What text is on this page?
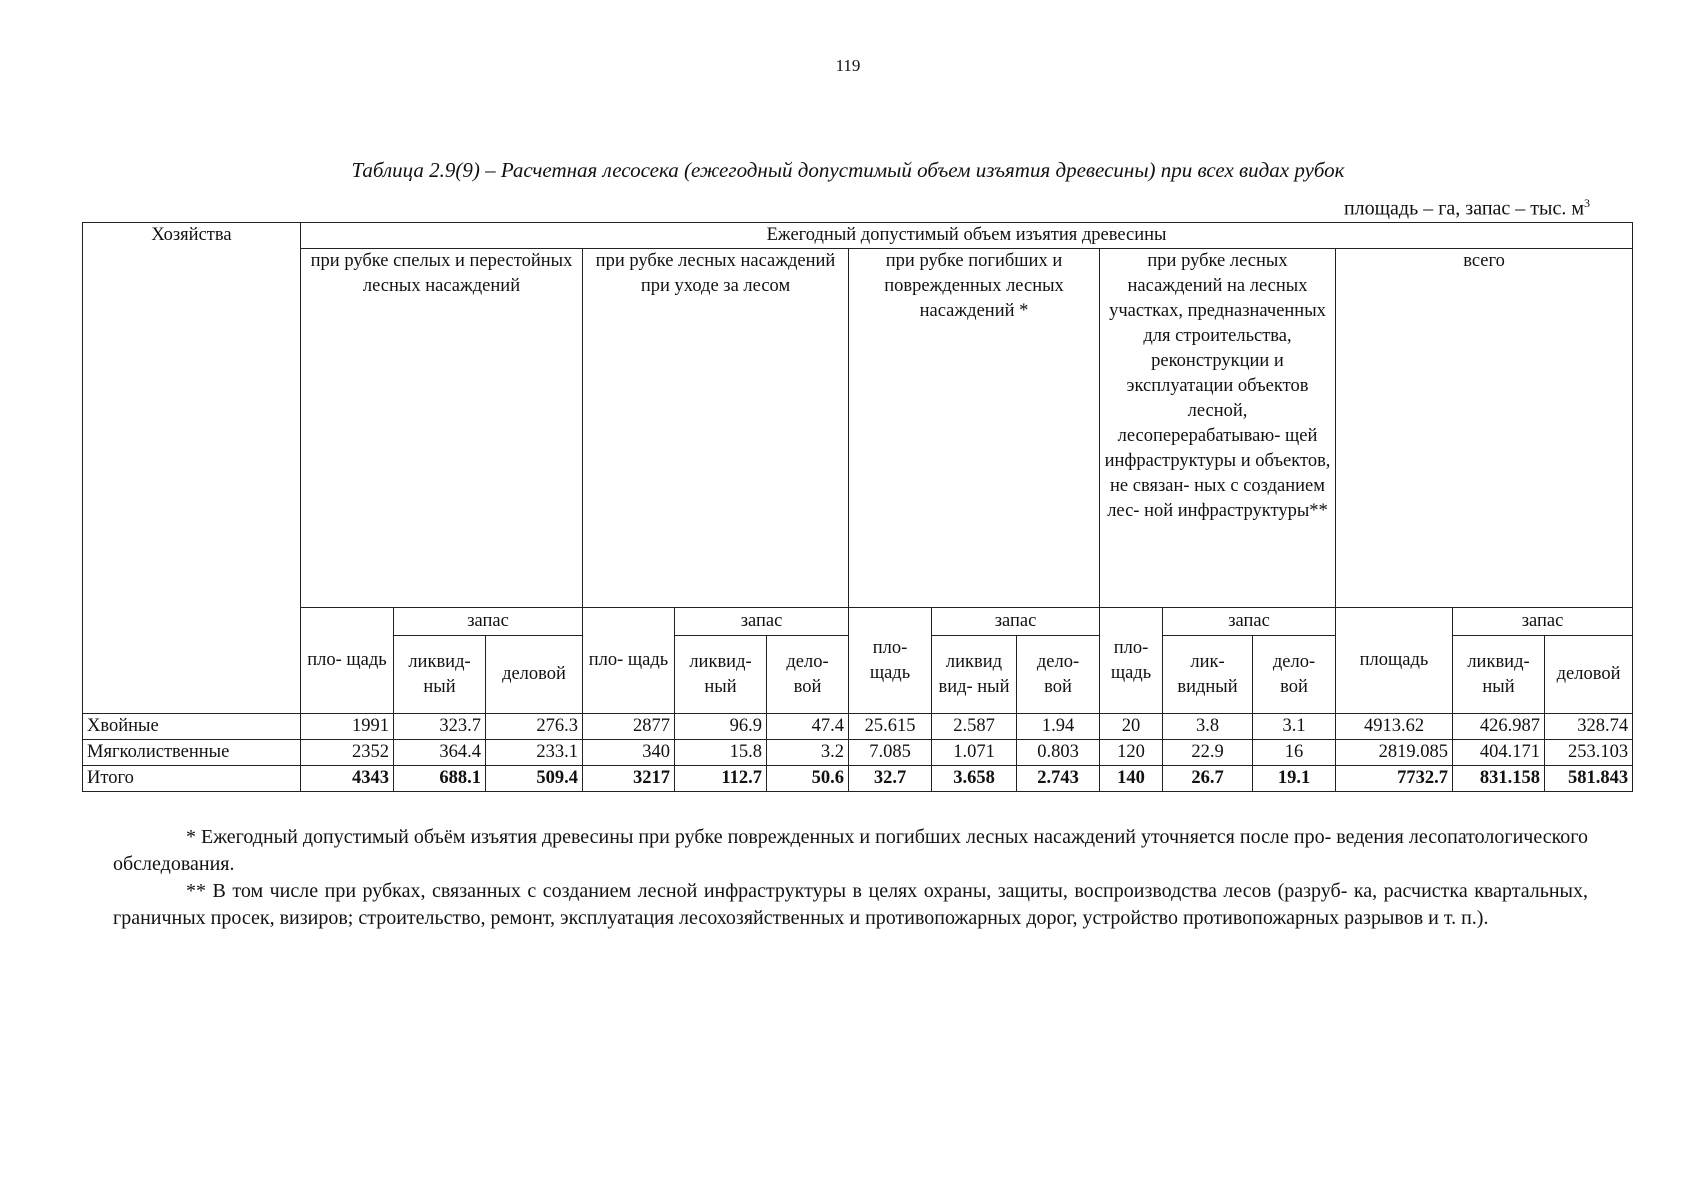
119
Таблица 2.9(9) – Расчетная лесосека (ежегодный допустимый объем изъятия древесины) при всех видах рубок
площадь – га, запас – тыс. $м^3$
Хозяйства	Ежегодный допустимый объем изъятия древесины														
	при рубке спелых и перестойных лесных насаждений			при рубке лесных насаждений при уходе за лесом			при рубке погибших и поврежденных лесных насаждений *			при рубке лесных насаждений на лесных участках, предназначенных для строительства, реконструкции и эксплуатации объектов лесной, лесоперерабатываю- щей инфраструктуры и объектов, не связан- ных с созданием лес- ной инфраструктуры**			всего		
	пло- щадь	запас		пло- щадь	запас		пло- щадь	запас		пло- щадь	запас		площадь	запас	
		ликвид- ный	деловой		ликвид- ный	дело- вой		ликвид вид- ный	дело- вой		лик- видный	дело- вой		ликвид- ный	деловой
Хвойные	1991	323.7	276.3	2877	96.9	47.4	25.615	2.587	1.94	20	3.8	3.1	4913.62	426.987	328.74
Мягколиственные	2352	364.4	233.1	340	15.8	3.2	7.085	1.071	0.803	120	22.9	16	2819.085	404.171	253.103
Итого	4343	688.1	509.4	3217	112.7	50.6	32.7	3.658	2.743	140	26.7	19.1	7732.7	831.158	581.843

* Ежегодный допустимый объём изъятия древесины при рубке поврежденных и погибших лесных насаждений уточняется после про- ведения лесопатологического обследования.

** В том числе при рубках, связанных с созданием лесной инфраструктуры в целях охраны, защиты, воспроизводства лесов (разруб- ка, расчистка квартальных, граничных просек, визиров; строительство, ремонт, эксплуатация лесохозяйственных и противопожарных дорог, устройство противопожарных разрывов и т. п.).
